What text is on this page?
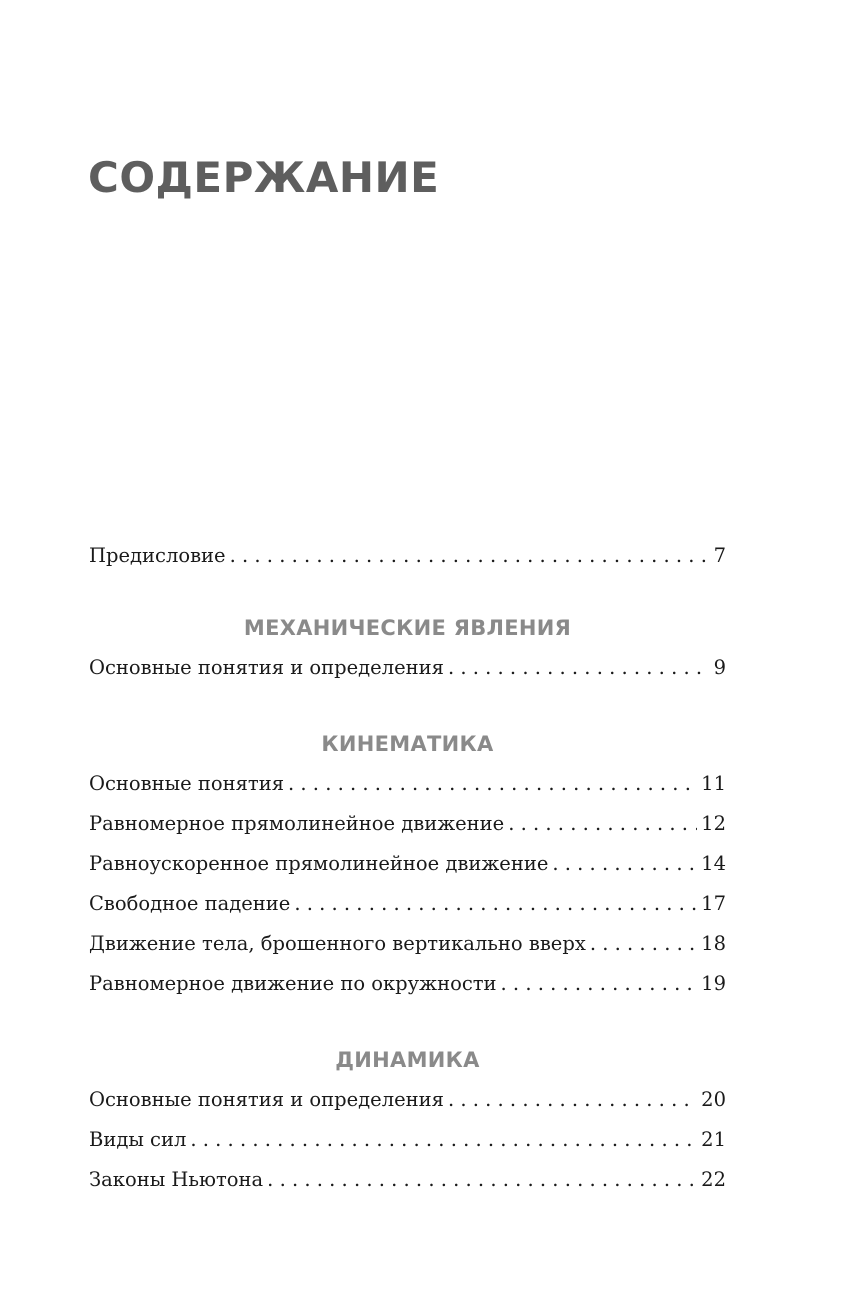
СОДЕРЖАНИЕ
Предисловие . . .	7
МЕХАНИЧЕСКИЕ ЯВЛЕНИЯ
Основные понятия и определения . . .	9
КИНЕМАТИКА
Основные понятия . . .	11
Равномерное прямолинейное движение . . .	12
Равноускоренное прямолинейное движение . . .	14
Свободное падение . . .	17
Движение тела, брошенного вертикально вверх . . .	18
Равномерное движение по окружности . . .	19
ДИНАМИКА
Основные понятия и определения . . .	20
Виды сил . . .	21
Законы Ньютона . . .	22
